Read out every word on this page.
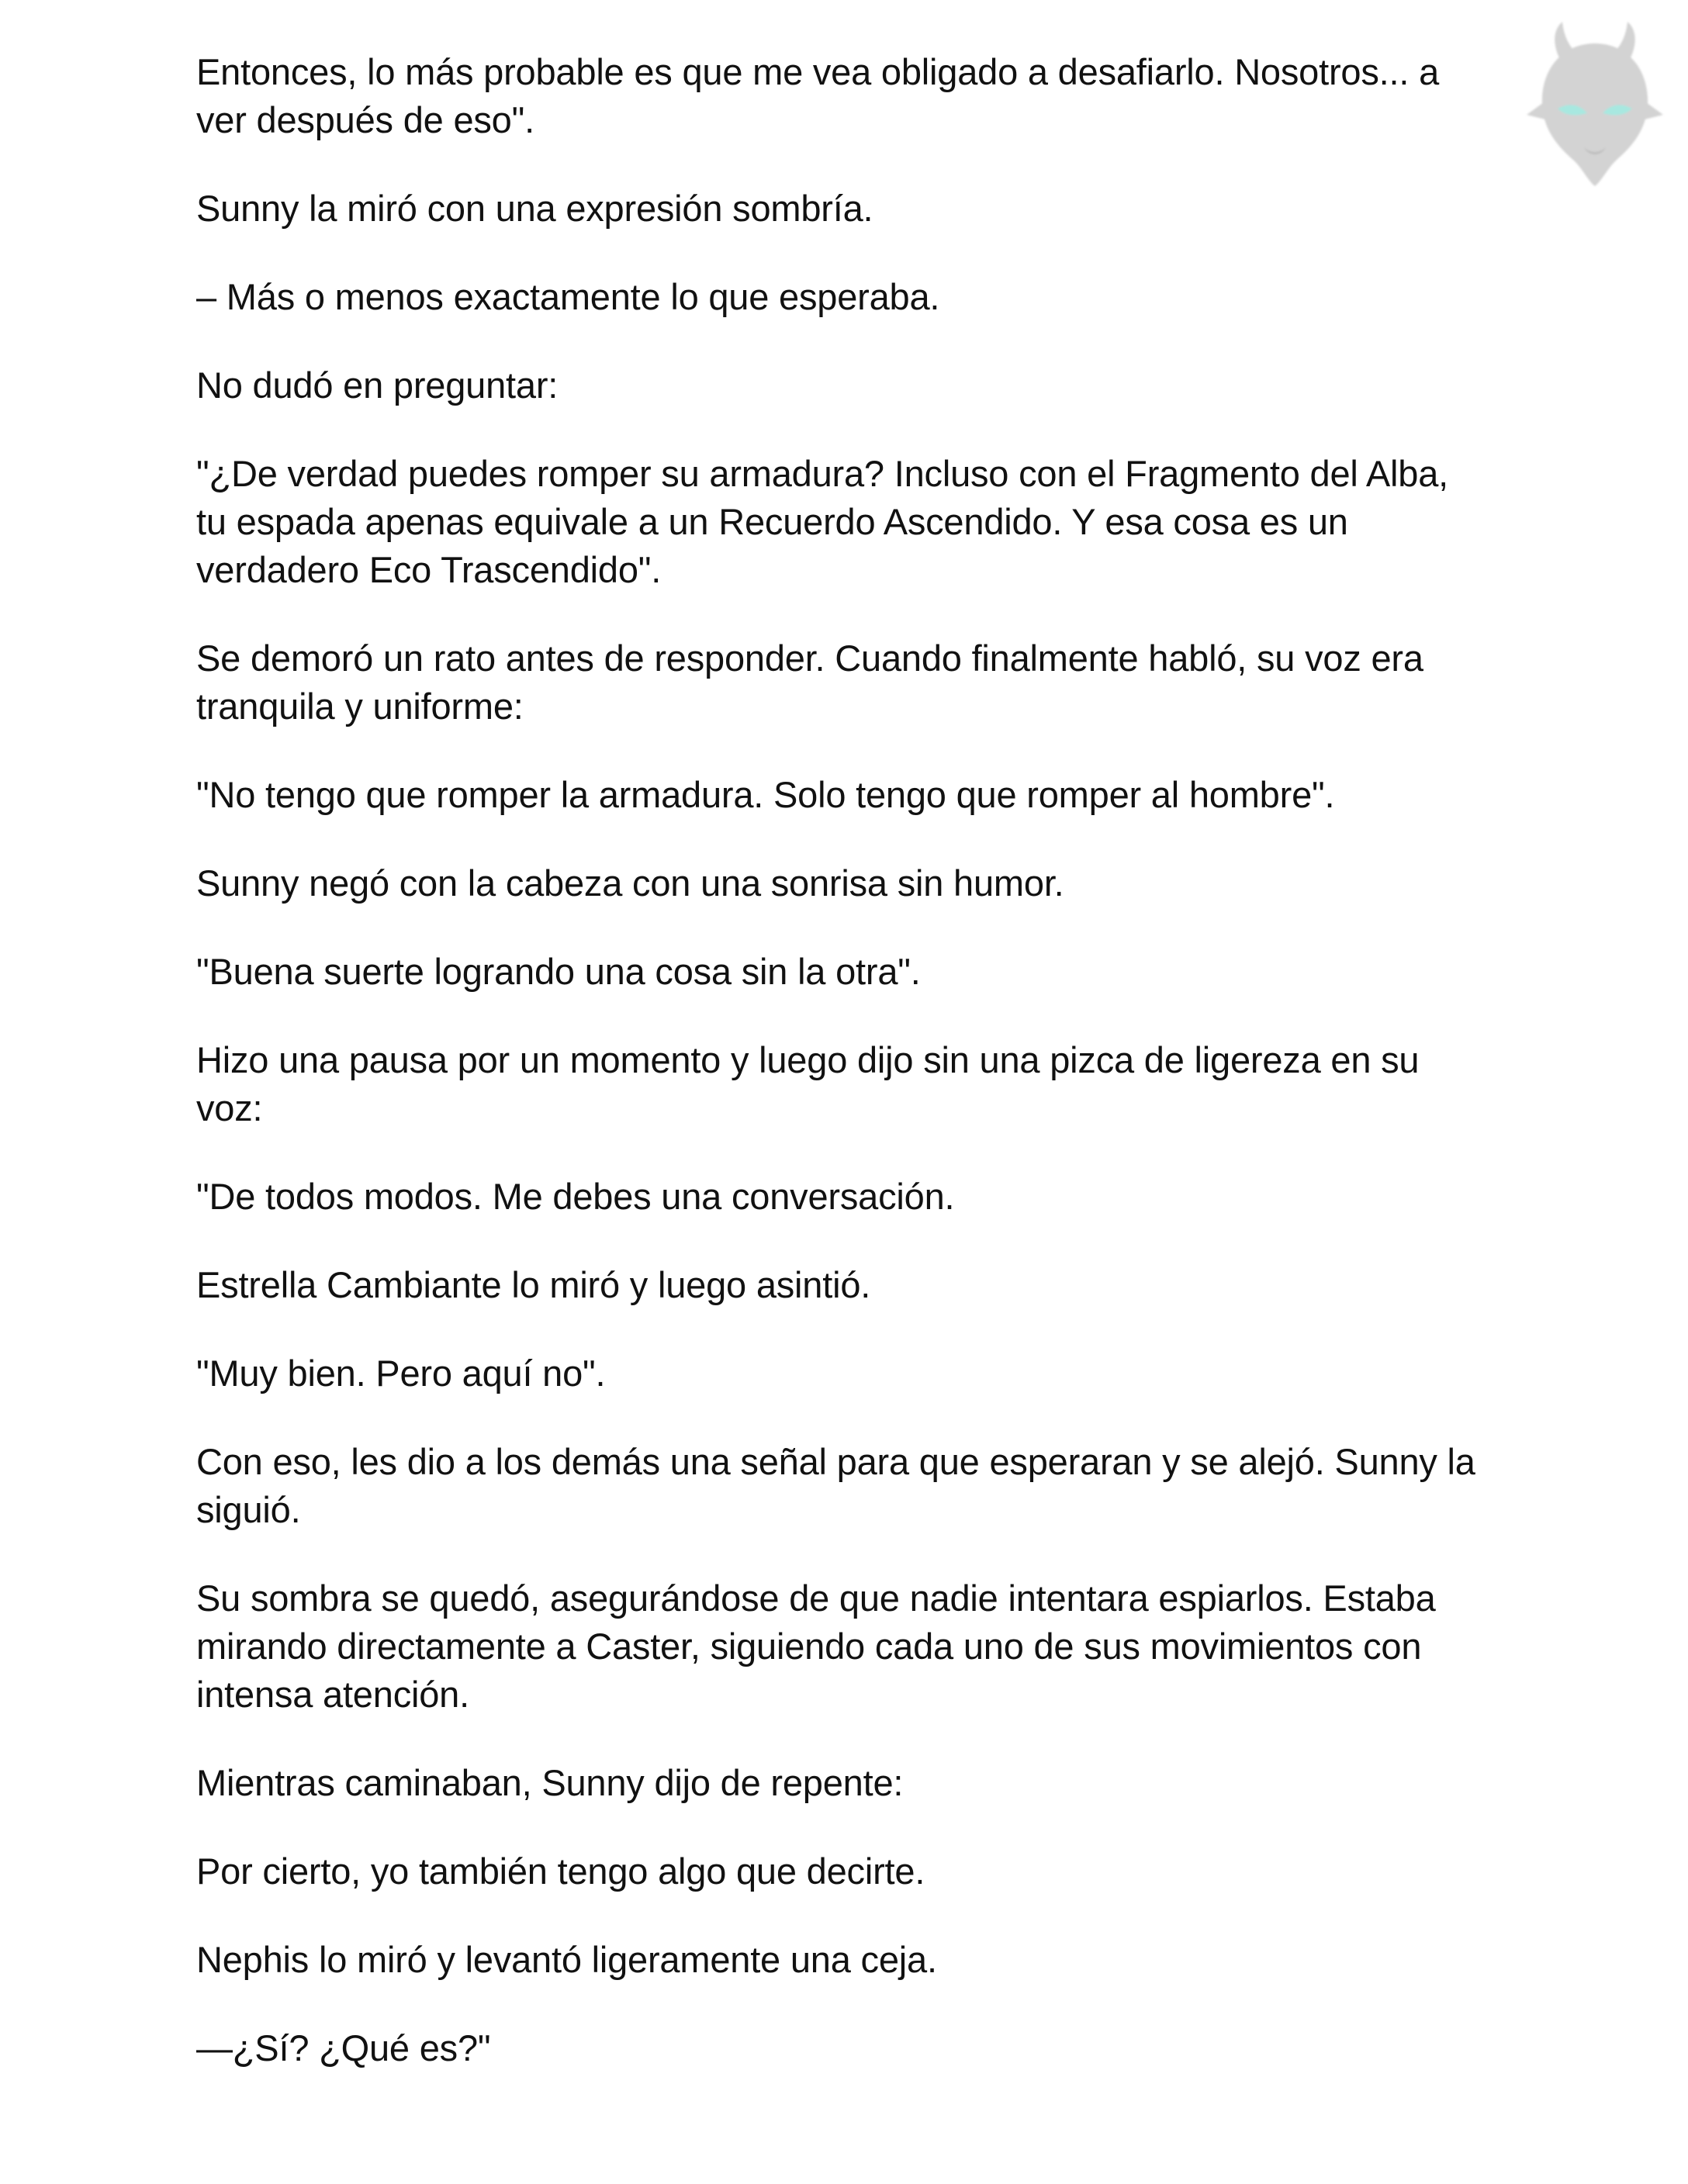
Entonces, lo más probable es que me vea obligado a desafiarlo. Nosotros... a ver después de eso".

Sunny la miró con una expresión sombría.

– Más o menos exactamente lo que esperaba.

No dudó en preguntar:

"¿De verdad puedes romper su armadura? Incluso con el Fragmento del Alba, tu espada apenas equivale a un Recuerdo Ascendido. Y esa cosa es un verdadero Eco Trascendido".

Se demoró un rato antes de responder. Cuando finalmente habló, su voz era tranquila y uniforme:

"No tengo que romper la armadura. Solo tengo que romper al hombre".

Sunny negó con la cabeza con una sonrisa sin humor.

"Buena suerte logrando una cosa sin la otra".

Hizo una pausa por un momento y luego dijo sin una pizca de ligereza en su voz:

"De todos modos. Me debes una conversación.

Estrella Cambiante lo miró y luego asintió.

"Muy bien. Pero aquí no".

Con eso, les dio a los demás una señal para que esperaran y se alejó. Sunny la siguió.

Su sombra se quedó, asegurándose de que nadie intentara espiarlos. Estaba mirando directamente a Caster, siguiendo cada uno de sus movimientos con intensa atención.

Mientras caminaban, Sunny dijo de repente:

Por cierto, yo también tengo algo que decirte.

Nephis lo miró y levantó ligeramente una ceja.

—¿Sí? ¿Qué es?"
